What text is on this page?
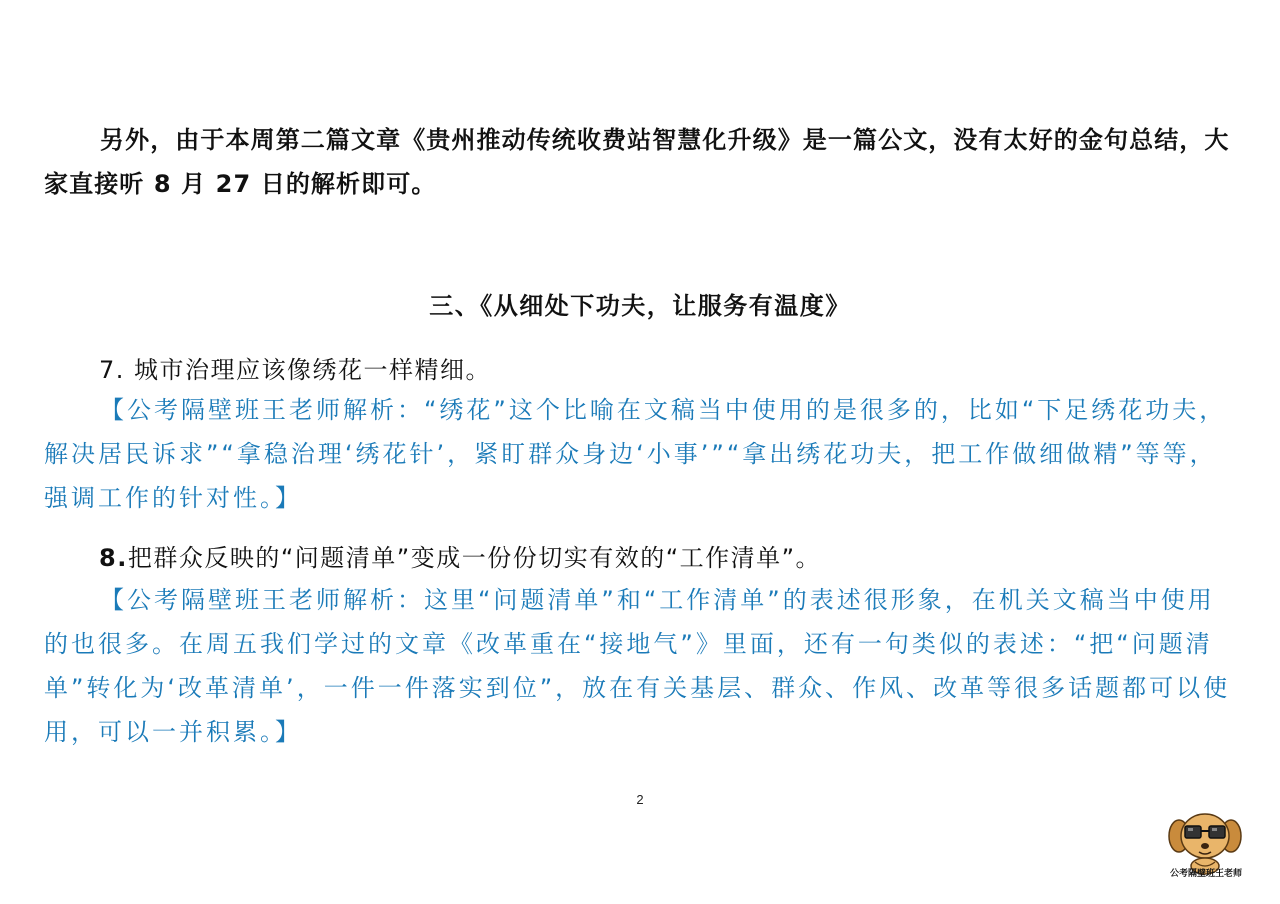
另外，由于本周第二篇文章《贵州推动传统收费站智慧化升级》是一篇公文，没有太好的金句总结，大家直接听 8 月 27 日的解析即可。

三、《从细处下功夫，让服务有温度》

7. 城市治理应该像绣花一样精细。

【公考隔壁班王老师解析：“绣花”这个比喻在文稿当中使用的是很多的，比如“下足绣花功夫，解决居民诉求”“拿稳治理‘绣花针’，紧盯群众身边‘小事’”“拿出绣花功夫，把工作做细做精”等等，强调工作的针对性。】

8.把群众反映的“问题清单”变成一份份切实有效的“工作清单”。

【公考隔壁班王老师解析：这里“问题清单”和“工作清单”的表述很形象，在机关文稿当中使用的也很多。在周五我们学过的文章《改革重在“接地气”》里面，还有一句类似的表述：“把“问题清单”转化为‘改革清单’，一件一件落实到位”，放在有关基层、群众、作风、改革等很多话题都可以使用，可以一并积累。】

2
公考隔壁班王老师
